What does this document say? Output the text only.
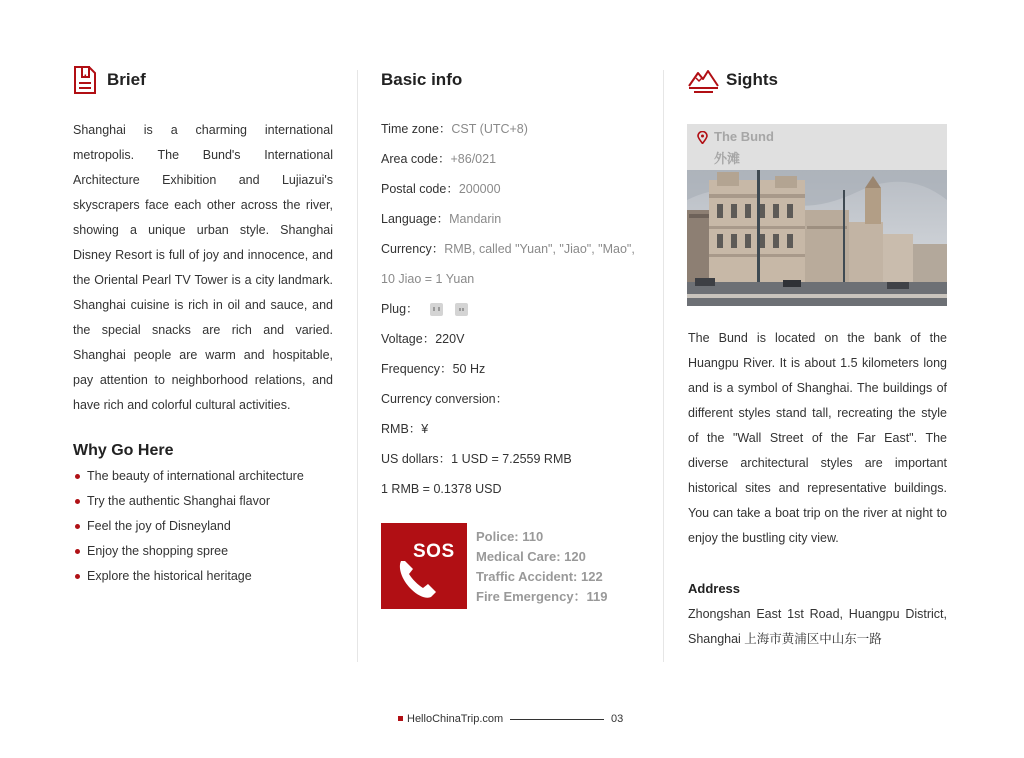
Brief

Shanghai is a charming international metropolis. The Bund's International Architecture Exhibition and Lujiazui's skyscrapers face each other across the river, showing a unique urban style. Shanghai Disney Resort is full of joy and innocence, and the Oriental Pearl TV Tower is a city landmark. Shanghai cuisine is rich in oil and sauce, and the special snacks are rich and varied. Shanghai people are warm and hospitable, pay attention to neighborhood relations, and have rich and colorful cultural activities.

Why Go Here

The beauty of international architecture
Try the authentic Shanghai flavor
Feel the joy of Disneyland
Enjoy the shopping spree
Explore the historical heritage
Basic info
Time zone：CST (UTC+8)
Area code：+86/021
Postal code：200000
Language：Mandarin
Currency：RMB, called "Yuan", "Jiao", "Mao",
10 Jiao = 1 Yuan
Plug：

Voltage：220V
Frequency：50 Hz
Currency conversion：
RMB：¥
US dollars：1 USD = 7.2559 RMB
1 RMB = 0.1378 USD
SOS
Police: 110
Medical Care: 120
Traffic Accident: 122
Fire Emergency：119
Sights
The Bund
外滩

The Bund is located on the bank of the Huangpu River. It is about 1.5 kilometers long and is a symbol of Shanghai. The buildings of different styles stand tall, recreating the style of the "Wall Street of the Far East". The diverse architectural styles are important historical sites and representative buildings. You can take a boat trip on the river at night to enjoy the bustling city view.

Address

Zhongshan East 1st Road, Huangpu District, Shanghai 上海市黄浦区中山东一路

HelloChinaTrip.com	03
